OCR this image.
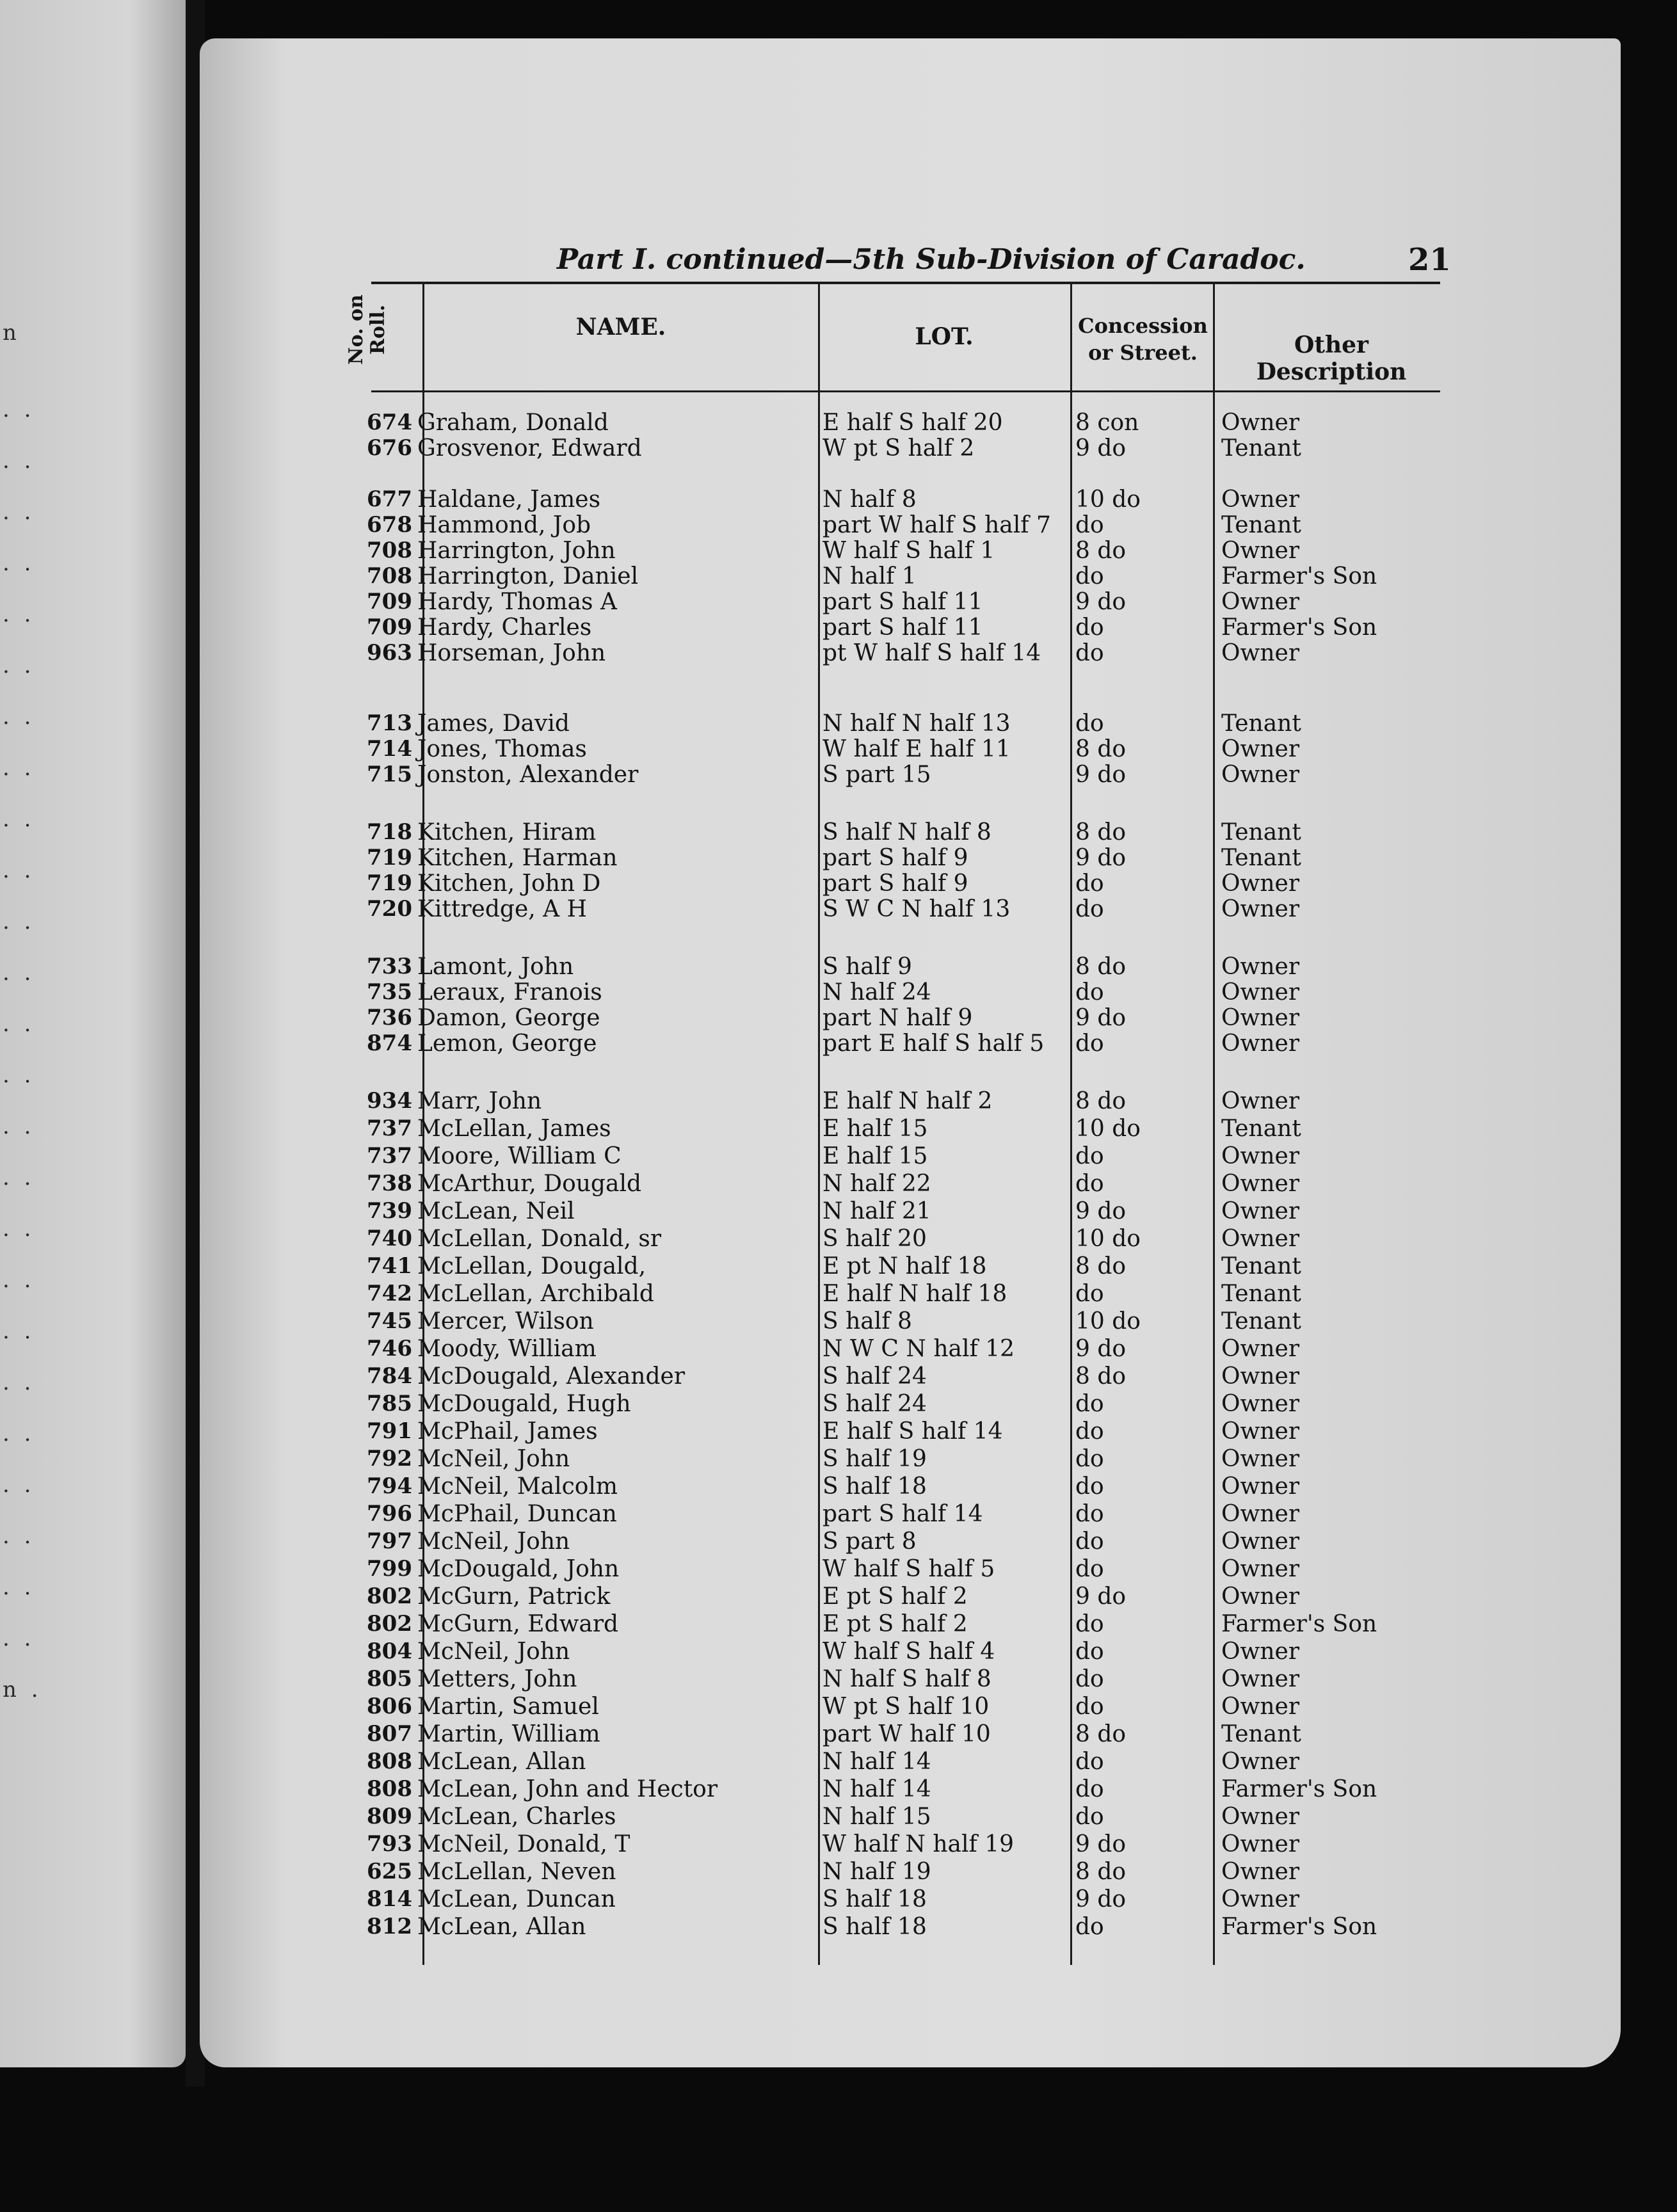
n
. .
. .
. .
. .
. .
. .
. .
. .
. .
. .
. .
. .
. .
. .
. .
. .
. .
. .
. .
. .
. .
. .
. .
. .
. .
n .
Part I. continued—5th Sub-Division of Caradoc.	21
No. on Roll.	NAME.	LOT.	Concession or Street.	Other Description
674 Graham, Donald	E half S half 20	8 con	Owner
676 Grosvenor, Edward	W pt S half 2	9 do	Tenant
677 Haldane, James	N half 8	10 do	Owner
678 Hammond, Job	part W half S half 7 do	Tenant
708 Harrington, John	W half S half 1	8 do	Owner
708 Harrington, Daniel	N half 1	do	Farmer's Son
709 Hardy, Thomas A	part S half 11	9 do	Owner
709 Hardy, Charles	part S half 11	do	Farmer's Son
963 Horseman, John	pt W half S half 14 do	Owner
713 James, David	N half N half 13	do	Tenant
714 Jones, Thomas	W half E half 11	8 do	Owner
715 Jonston, Alexander	S part 15	9 do	Owner
718 Kitchen, Hiram	S half N half 8	8 do	Tenant
719 Kitchen, Harman	part S half 9	9 do	Tenant
719 Kitchen, John D	part S half 9	do	Owner
720 Kittredge, A H	S W C N half 13	do	Owner
733 Lamont, John	S half 9	8 do	Owner
735 Leraux, Franois	N half 24	do	Owner
736 Damon, George	part N half 9	9 do	Owner
874 Lemon, George	part E half S half 5 do	Owner
934 Marr, John	E half N half 2	8 do	Owner
737 McLellan, James	E half 15	10 do	Tenant
737 Moore, William C	E half 15	do	Owner
738 McArthur, Dougald	N half 22	do	Owner
739 McLean, Neil	N half 21	9 do	Owner
740 McLellan, Donald, sr	S half 20	10 do	Owner
741 McLellan, Dougald,	E pt N half 18	8 do	Tenant
742 McLellan, Archibald	E half N half 18	do	Tenant
745 Mercer, Wilson	S half 8	10 do	Tenant
746 Moody, William	N W C N half 12	9 do	Owner
784 McDougald, Alexander	S half 24	8 do	Owner
785 McDougald, Hugh	S half 24	do	Owner
791 McPhail, James	E half S half 14	do	Owner
792 McNeil, John	S half 19	do	Owner
794 McNeil, Malcolm	S half 18	do	Owner
796 McPhail, Duncan	part S half 14	do	Owner
797 McNeil, John	S part 8	do	Owner
799 McDougald, John	W half S half 5	do	Owner
802 McGurn, Patrick	E pt S half 2	9 do	Owner
802 McGurn, Edward	E pt S half 2	do	Farmer's Son
804 McNeil, John	W half S half 4	do	Owner
805 Metters, John	N half S half 8	do	Owner
806 Martin, Samuel	W pt S half 10	do	Owner
807 Martin, William	part W half 10	8 do	Tenant
808 McLean, Allan	N half 14	do	Owner
808 McLean, John and Hector	N half 14	do	Farmer's Son
809 McLean, Charles	N half 15	do	Owner
793 McNeil, Donald, T	W half N half 19	9 do	Owner
625 McLellan, Neven	N half 19	8 do	Owner
814 McLean, Duncan	S half 18	9 do	Owner
812 McLean, Allan	S half 18	do	Farmer's Son
